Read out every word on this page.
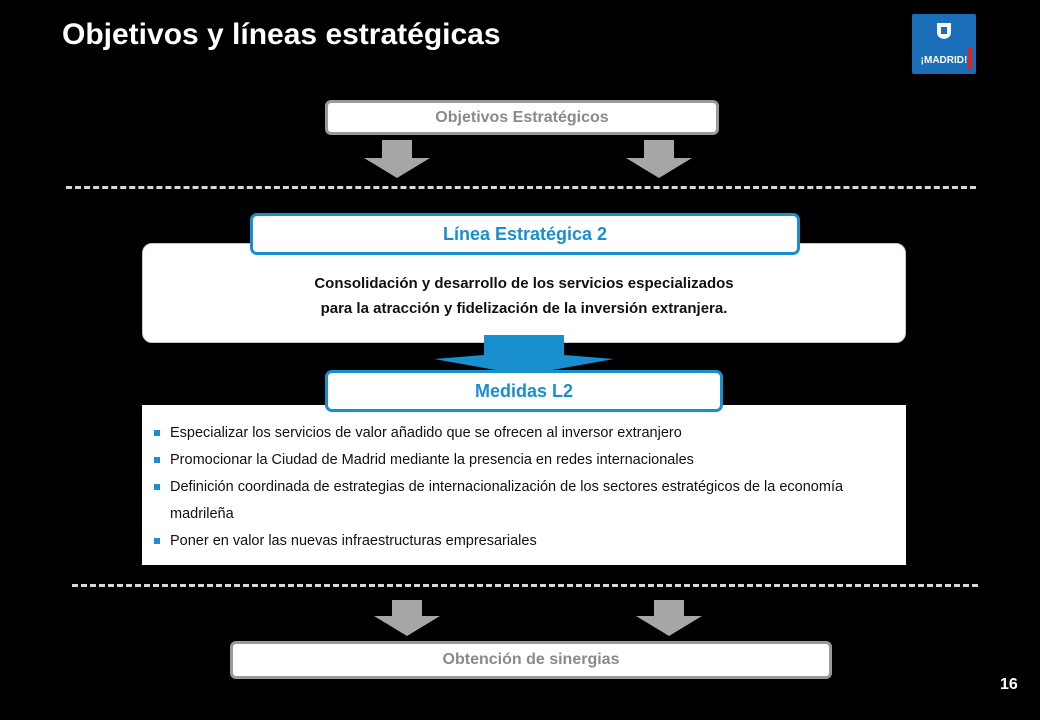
Objetivos y líneas estratégicas
¡MADRID!
Objetivos Estratégicos
Consolidación y desarrollo de los servicios especializados
para la atracción y fidelización de la inversión extranjera.
Línea Estratégica 2
Especializar los servicios de valor añadido que se ofrecen al inversor extranjero
Promocionar la Ciudad de Madrid mediante la presencia en redes internacionales
Definición coordinada de estrategias de internacionalización de los sectores estratégicos de la economía madrileña
Poner en valor las nuevas infraestructuras empresariales
Medidas L2
Obtención de sinergias
16
